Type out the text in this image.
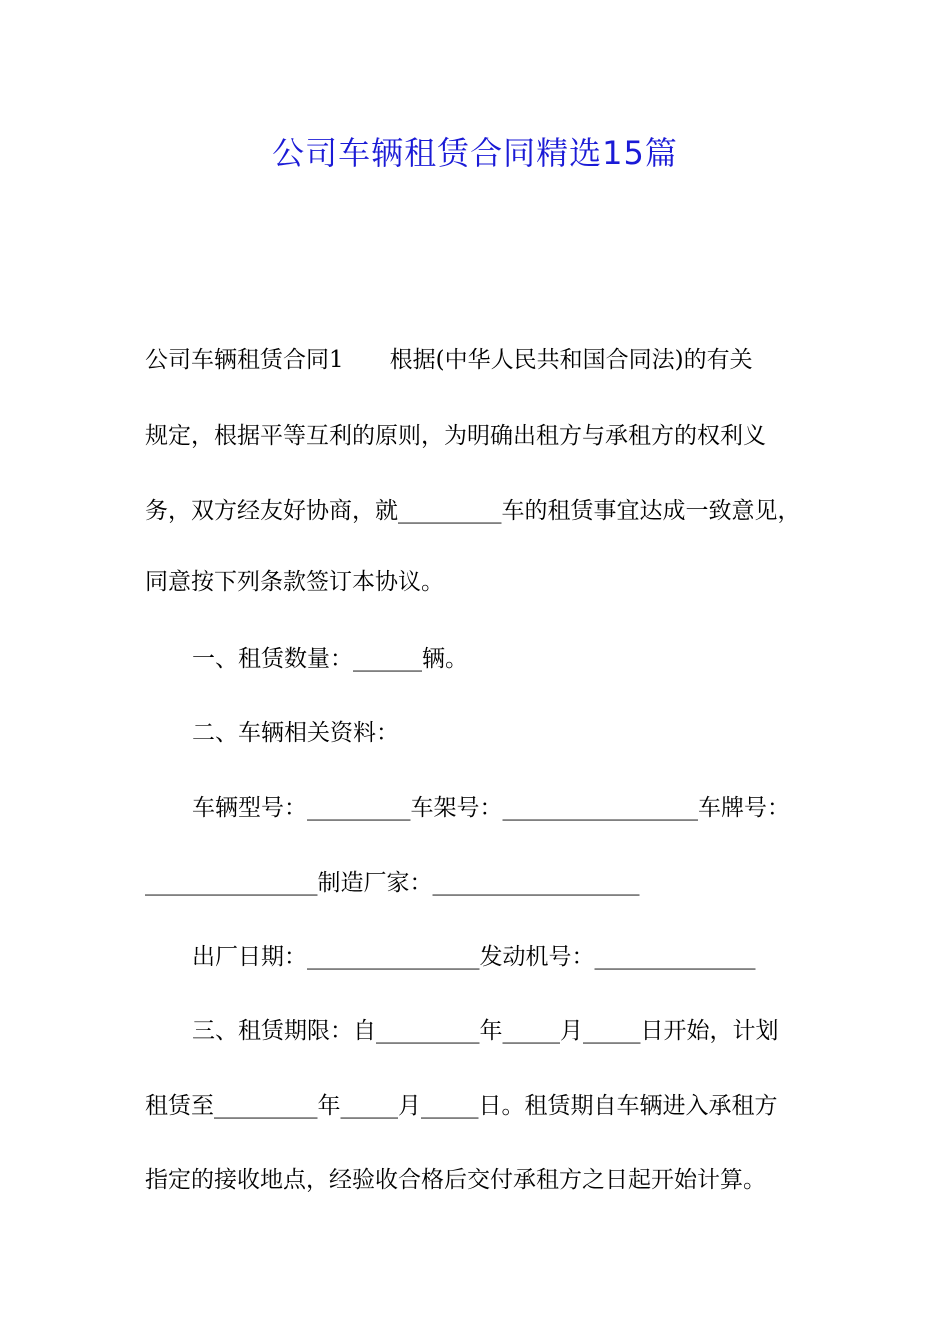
公司车辆租赁合同精选15篇
公司车辆租赁合同1　　根据(中华人民共和国合同法)的有关
规定，根据平等互利的原则，为明确出租方与承租方的权利义
务，双方经友好协商，就_________车的租赁事宜达成一致意见，
同意按下列条款签订本协议。
一、租赁数量：______辆。
二、车辆相关资料：
车辆型号：_________车架号：_________________车牌号：
_______________制造厂家：__________________
出厂日期：_______________发动机号：______________
三、租赁期限：自_________年_____月_____日开始，计划
租赁至_________年_____月_____日。租赁期自车辆进入承租方
指定的接收地点，经验收合格后交付承租方之日起开始计算。
